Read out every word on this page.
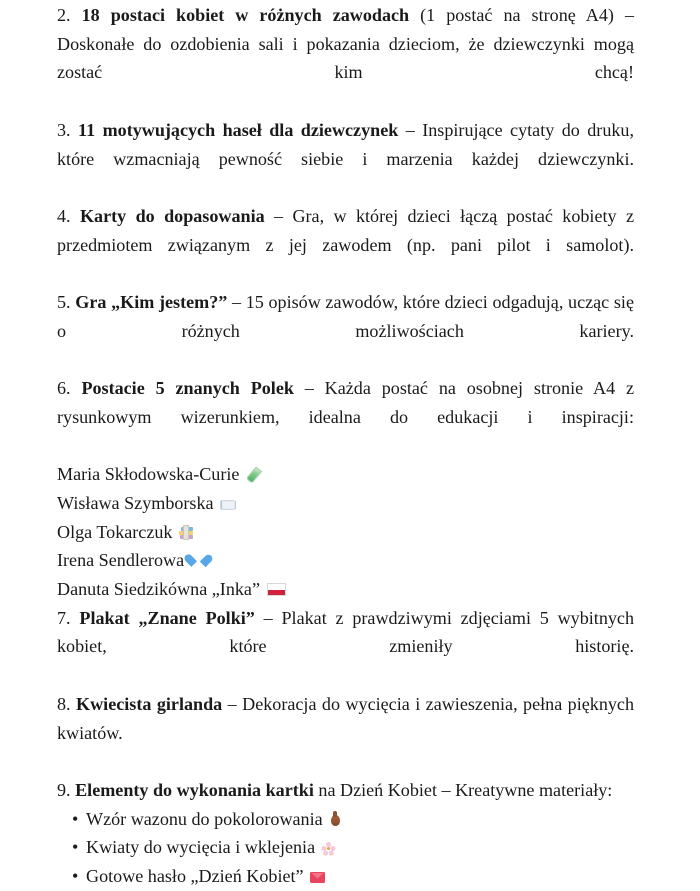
2. 18 postaci kobiet w różnych zawodach (1 postać na stronę A4) – Doskonałe do ozdobienia sali i pokazania dzieciom, że dziewczynki mogą zostać kim chcą!

3. 11 motywujących haseł dla dziewczynek – Inspirujące cytaty do druku, które wzmacniają pewność siebie i marzenia każdej dziewczynki.

4. Karty do dopasowania – Gra, w której dzieci łączą postać kobiety z przedmiotem związanym z jej zawodem (np. pani pilot i samolot).

5. Gra „Kim jestem?” – 15 opisów zawodów, które dzieci odgadują, ucząc się o różnych możliwościach kariery.

6. Postacie 5 znanych Polek – Każda postać na osobnej stronie A4 z rysunkowym wizerunkiem, idealna do edukacji i inspiracji:

Maria Skłodowska-Curie

Wisława Szymborska

Olga Tokarczuk

Irena Sendlerowa

Danuta Siedzikówna „Inka”

7. Plakat „Znane Polki” – Plakat z prawdziwymi zdjęciami 5 wybitnych kobiet, które zmieniły historię.

8. Kwiecista girlanda – Dekoracja do wycięcia i zawieszenia, pełna pięknych kwiatów.

9. Elementy do wykonania kartki na Dzień Kobiet – Kreatywne materiały:

• Wzór wazonu do pokolorowania
• Kwiaty do wycięcia i wklejenia
• Gotowe hasło „Dzień Kobiet”
